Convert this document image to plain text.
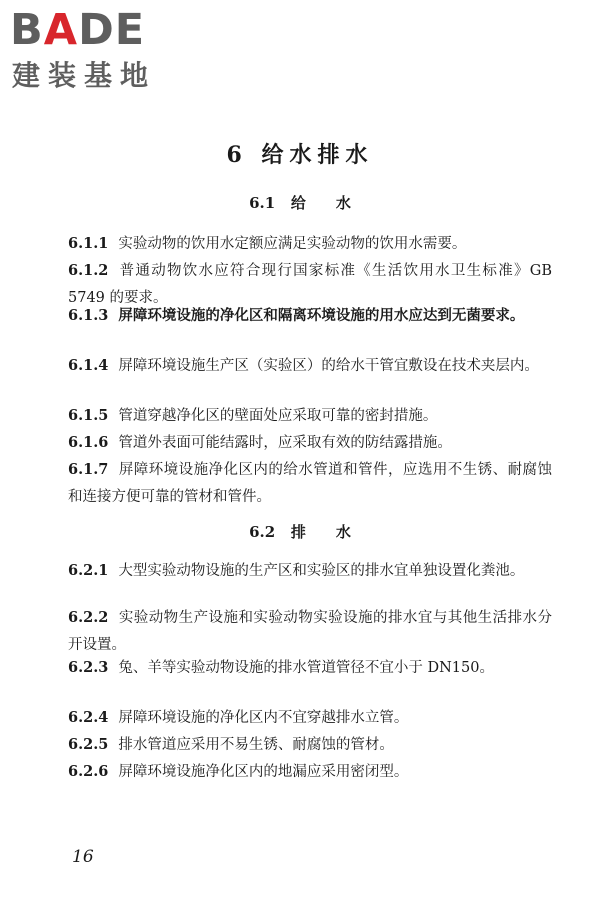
BADE
建装基地
6 给水排水
6.1 给 水
6.1.1 实验动物的饮用水定额应满足实验动物的饮用水需要。
6.1.2 普通动物饮水应符合现行国家标准《生活饮用水卫生标准》GB 5749 的要求。
6.1.3 屏障环境设施的净化区和隔离环境设施的用水应达到无菌要求。
6.1.4 屏障环境设施生产区（实验区）的给水干管宜敷设在技术夹层内。
6.1.5 管道穿越净化区的壁面处应采取可靠的密封措施。
6.1.6 管道外表面可能结露时，应采取有效的防结露措施。
6.1.7 屏障环境设施净化区内的给水管道和管件，应选用不生锈、耐腐蚀和连接方便可靠的管材和管件。
6.2 排 水
6.2.1 大型实验动物设施的生产区和实验区的排水宜单独设置化粪池。
6.2.2 实验动物生产设施和实验动物实验设施的排水宜与其他生活排水分开设置。
6.2.3 兔、羊等实验动物设施的排水管道管径不宜小于 DN150。
6.2.4 屏障环境设施的净化区内不宜穿越排水立管。
6.2.5 排水管道应采用不易生锈、耐腐蚀的管材。
6.2.6 屏障环境设施净化区内的地漏应采用密闭型。
16
